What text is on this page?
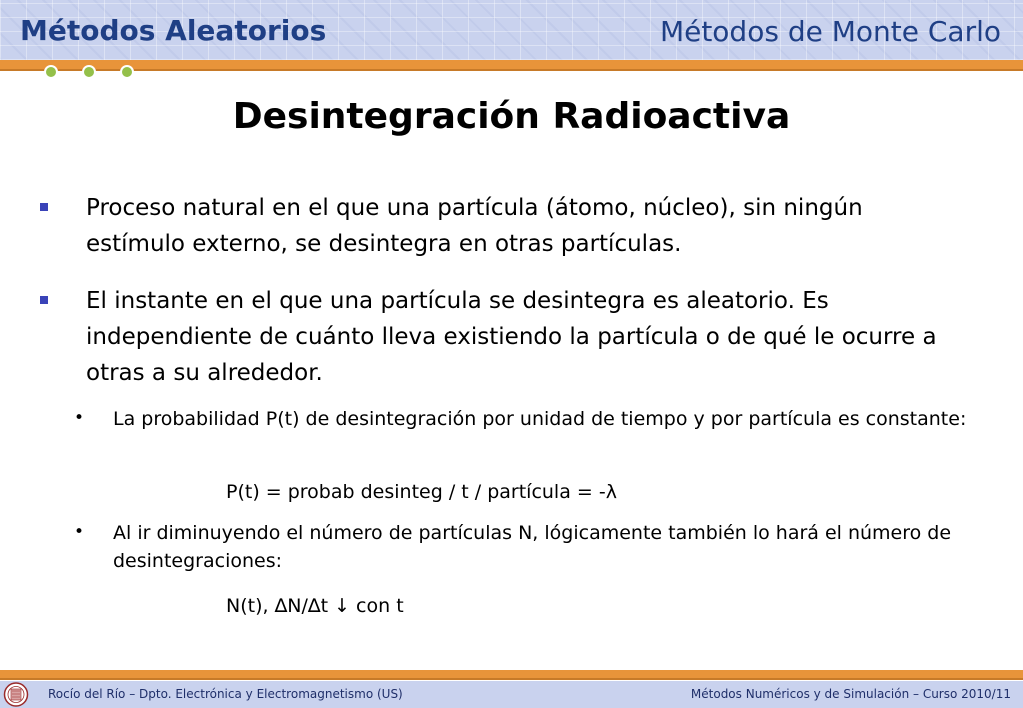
Métodos Aleatorios	Métodos de Monte Carlo
Desintegración Radioactiva
Proceso natural en el que una partícula (átomo, núcleo), sin ningún estímulo externo, se desintegra en otras partículas.
El instante en el que una partícula se desintegra es aleatorio. Es independiente de cuánto lleva existiendo la partícula o de qué le ocurre a otras a su alrededor.
• La probabilidad P(t) de desintegración por unidad de tiempo y por partícula es constante:
P(t) = probab desinteg / t / partícula = -λ
• Al ir diminuyendo el número de partículas N, lógicamente también lo hará el número de desintegraciones:
N(t), ∆N/∆t ↓ con t
Rocío del Río – Dpto. Electrónica y Electromagnetismo (US)	Métodos Numéricos y de Simulación – Curso 2010/11
